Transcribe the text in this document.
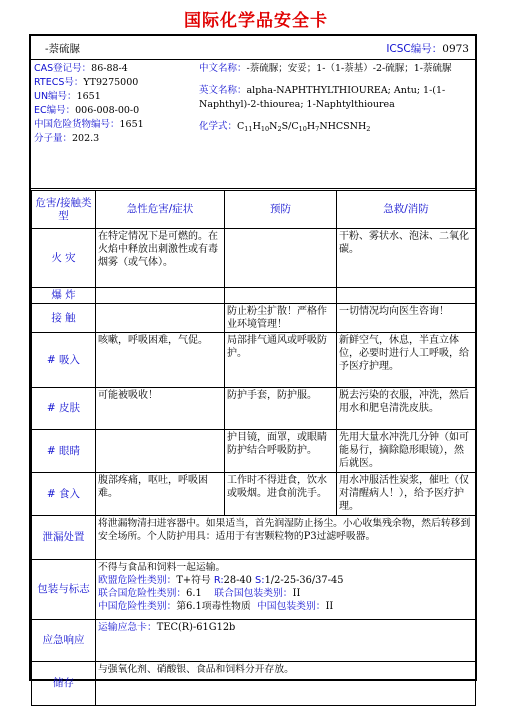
国际化学品安全卡
-萘硫脲	ICSC编号：0973
CAS登记号：86-88-4
RTECS号：YT9275000
UN编号：1651
EC编号：006-008-00-0
中国危险货物编号：1651
分子量：202.3
中文名称：-萘硫脲；安妥；1-（1-萘基）-2-硫脲；1-萘硫脲
英文名称：alpha-NAPHTHYLTHIOUREA; Antu; 1-(1-Naphthyl)-2-thiourea; 1-Naphtylthiourea
化学式：$C_{11}H_{10}N_2S/C_{10}H_7NHCSNH_2$
危害/接触类型	急性危害/症状	预防	急救/消防
火 灾	在特定情况下是可燃的。在火焰中释放出刺激性或有毒烟雾（或气体）。		干粉、雾状水、泡沫、二氧化碳。
爆 炸			
接 触		防止粉尘扩散！严格作业环境管理！	一切情况均向医生咨询！
# 吸入	咳嗽，呼吸困难，气促。	局部排气通风或呼吸防护。	新鲜空气，休息，半直立体位，必要时进行人工呼吸，给予医疗护理。
# 皮肤	可能被吸收！	防护手套，防护服。	脱去污染的衣服，冲洗，然后用水和肥皂清洗皮肤。
# 眼睛		护目镜，面罩，或眼睛防护结合呼吸防护。	先用大量水冲洗几分钟（如可能易行，摘除隐形眼镜），然后就医。
# 食入	腹部疼痛，呕吐，呼吸困难。	工作时不得进食，饮水或吸烟。进食前洗手。	用水冲服活性炭浆，催吐（仅对清醒病人！），给予医疗护理。
泄漏处置	将泄漏物清扫进容器中。如果适当，首先润湿防止扬尘。小心收集残余物，然后转移到安全场所。个人防护用具：适用于有害颗粒物的P3过滤呼吸器。		
包装与标志	不得与食品和饲料一起运输。
欧盟危险性类别：T+符号 R:28-40 S:1/2-25-36/37-45
联合国危险性类别：6.1 联合国包装类别：II
中国危险性类别：第6.1项毒性物质 中国包装类别：II		

应急响应	运输应急卡：TEC(R)-61G12b		
储存	与强氧化剂、硝酸银、食品和饲料分开存放。		
